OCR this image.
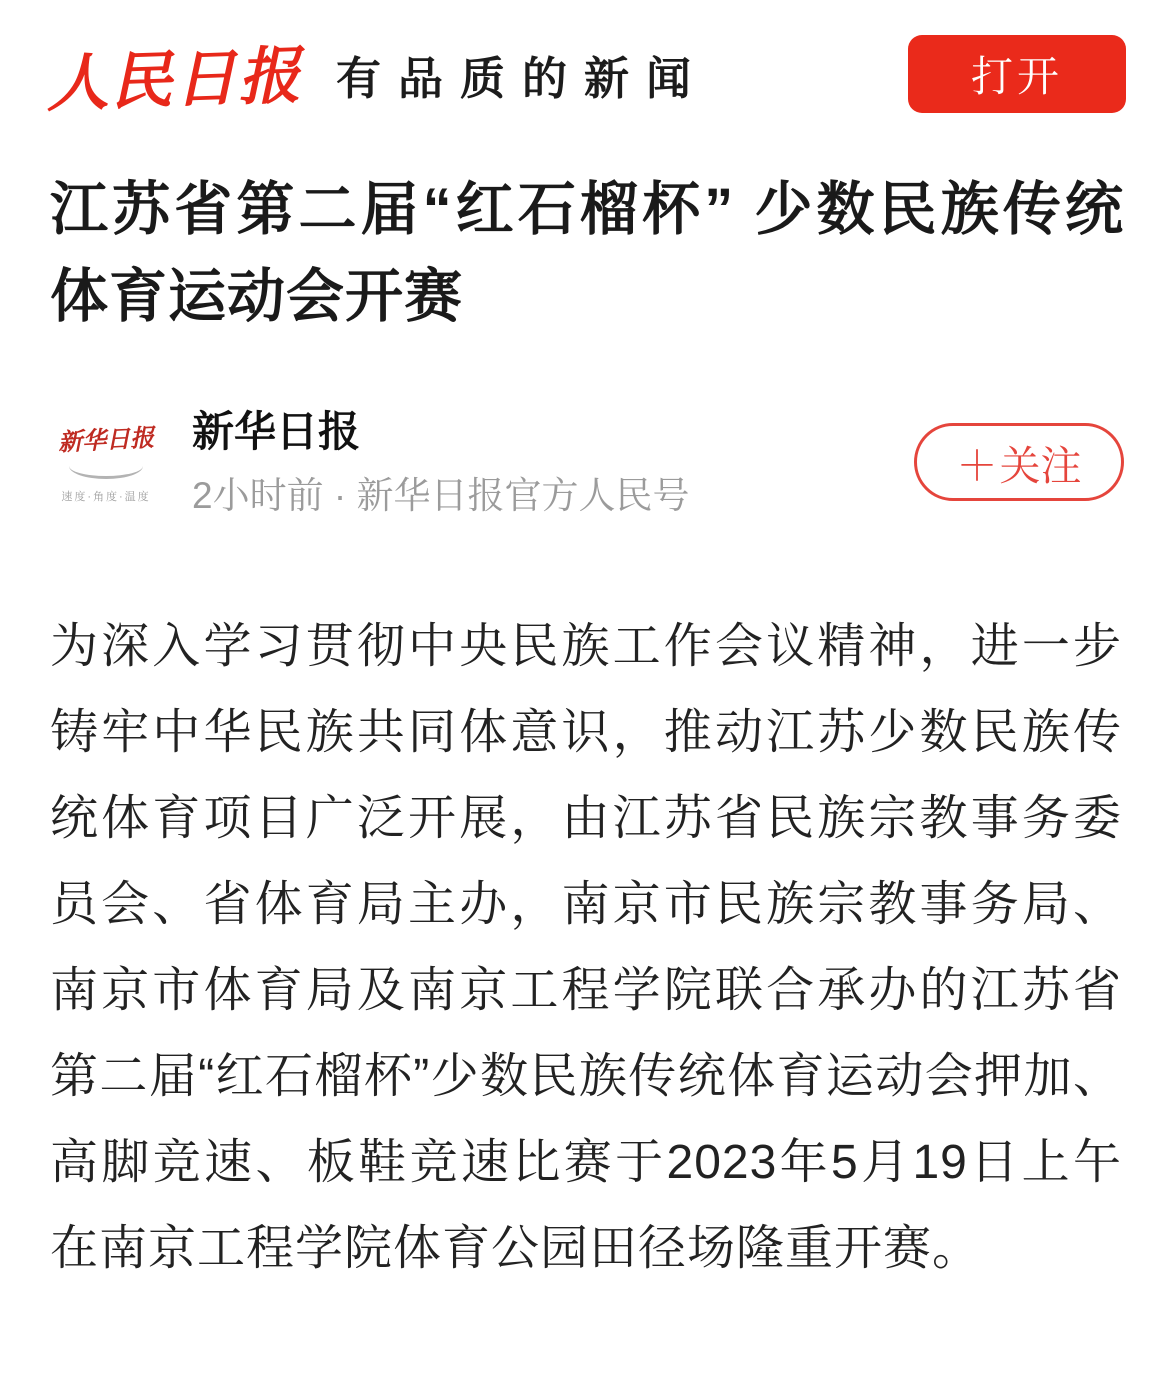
人民日报 有品质的新闻	打开
江苏省第二届“红石榴杯” 少数民族传统体育运动会开赛
新华日报
速度·角度·温度
新华日报
2小时前 · 新华日报官方人民号
＋ 关注

为深入学习贯彻中央民族工作会议精神，进一步铸牢中华民族共同体意识，推动江苏少数民族传统体育项目广泛开展，由江苏省民族宗教事务委员会、省体育局主办，南京市民族宗教事务局、南京市体育局及南京工程学院联合承办的江苏省第二届“红石榴杯”少数民族传统体育运动会押加、高脚竞速、板鞋竞速比赛于2023年5月19日上午在南京工程学院体育公园田径场隆重开赛。
